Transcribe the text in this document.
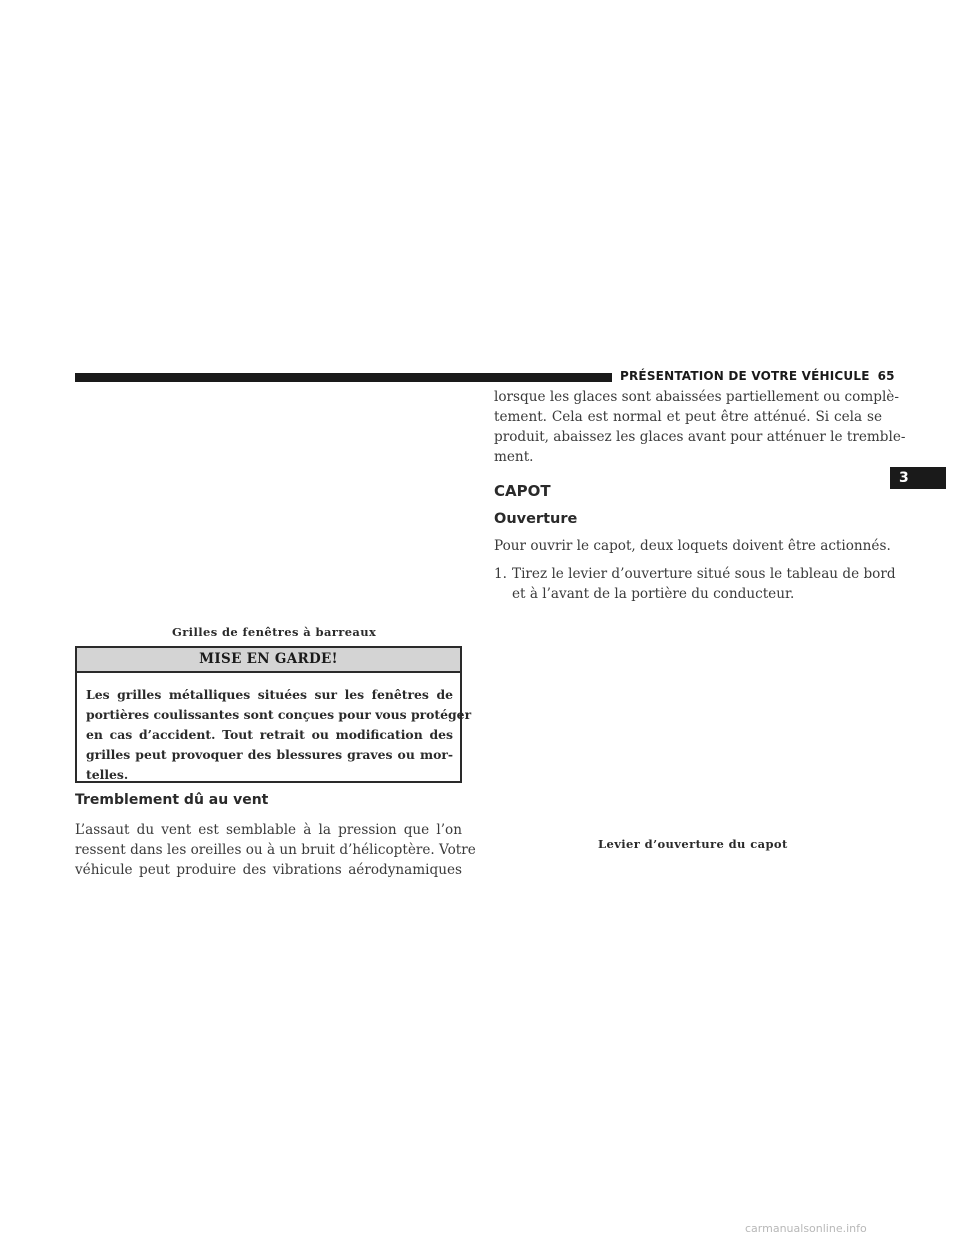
PRÉSENTATION DE VOTRE VÉHICULE 65
3
Grilles de fenêtres à barreaux
MISE EN GARDE!
Les grilles métalliques situées sur les fenêtres de
portières coulissantes sont conçues pour vous protéger
en cas d’accident. Tout retrait ou modification des
grilles peut provoquer des blessures graves ou mor-
telles.
Tremblement dû au vent
L’assaut du vent est semblable à la pression que l’on
ressent dans les oreilles ou à un bruit d’hélicoptère. Votre
véhicule peut produire des vibrations aérodynamiques
lorsque les glaces sont abaissées partiellement ou complè-
tement. Cela est normal et peut être atténué. Si cela se
produit, abaissez les glaces avant pour atténuer le tremble-
ment.
CAPOT
Ouverture
Pour ouvrir le capot, deux loquets doivent être actionnés.
1. Tirez le levier d’ouverture situé sous le tableau de bord
et à l’avant de la portière du conducteur.
Levier d’ouverture du capot
carmanualsonline.info
